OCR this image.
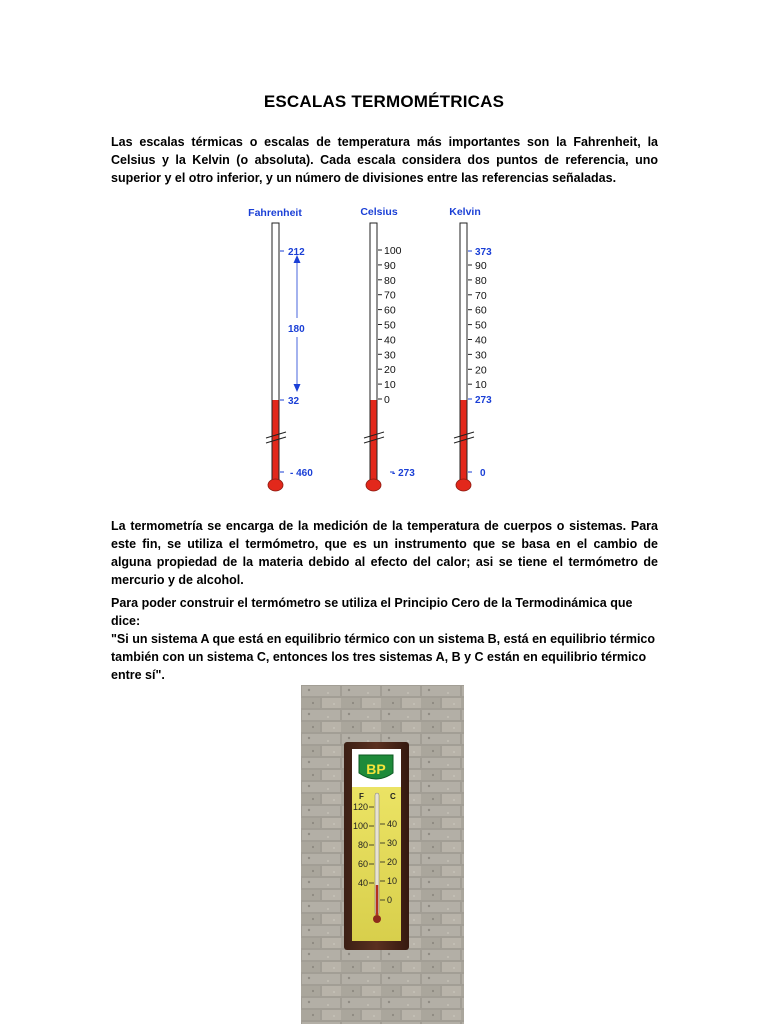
ESCALAS TERMOMÉTRICAS
Las escalas térmicas o escalas de temperatura más importantes son la Fahrenheit, la Celsius y la Kelvin (o absoluta). Cada escala considera dos puntos de referencia, uno superior y el otro inferior, y un número de divisiones entre las referencias señaladas.
Fahrenheit	Celsius	Kelvin
212
180
32
- 460
100
90
80
70
60
50
40
30
20
10
0
- 273
373
90
80
70
60
50
40
30
20
10
273
0
La termometría se encarga de la medición de la temperatura de cuerpos o sistemas. Para este fin, se utiliza el termómetro, que es un instrumento que se basa en el cambio de alguna propiedad de la materia debido al efecto del calor; asi se tiene el termómetro de mercurio y de alcohol.
Para poder construir el termómetro se utiliza el Principio Cero de la Termodinámica que dice:
"Si un sistema A que está en equilibrio térmico con un sistema B, está en equilibrio térmico también con un sistema C, entonces los tres sistemas A, B y C están en equilibrio térmico entre sí".
BP
F	C
120
100
80
60
40
40
30
20
10
0
